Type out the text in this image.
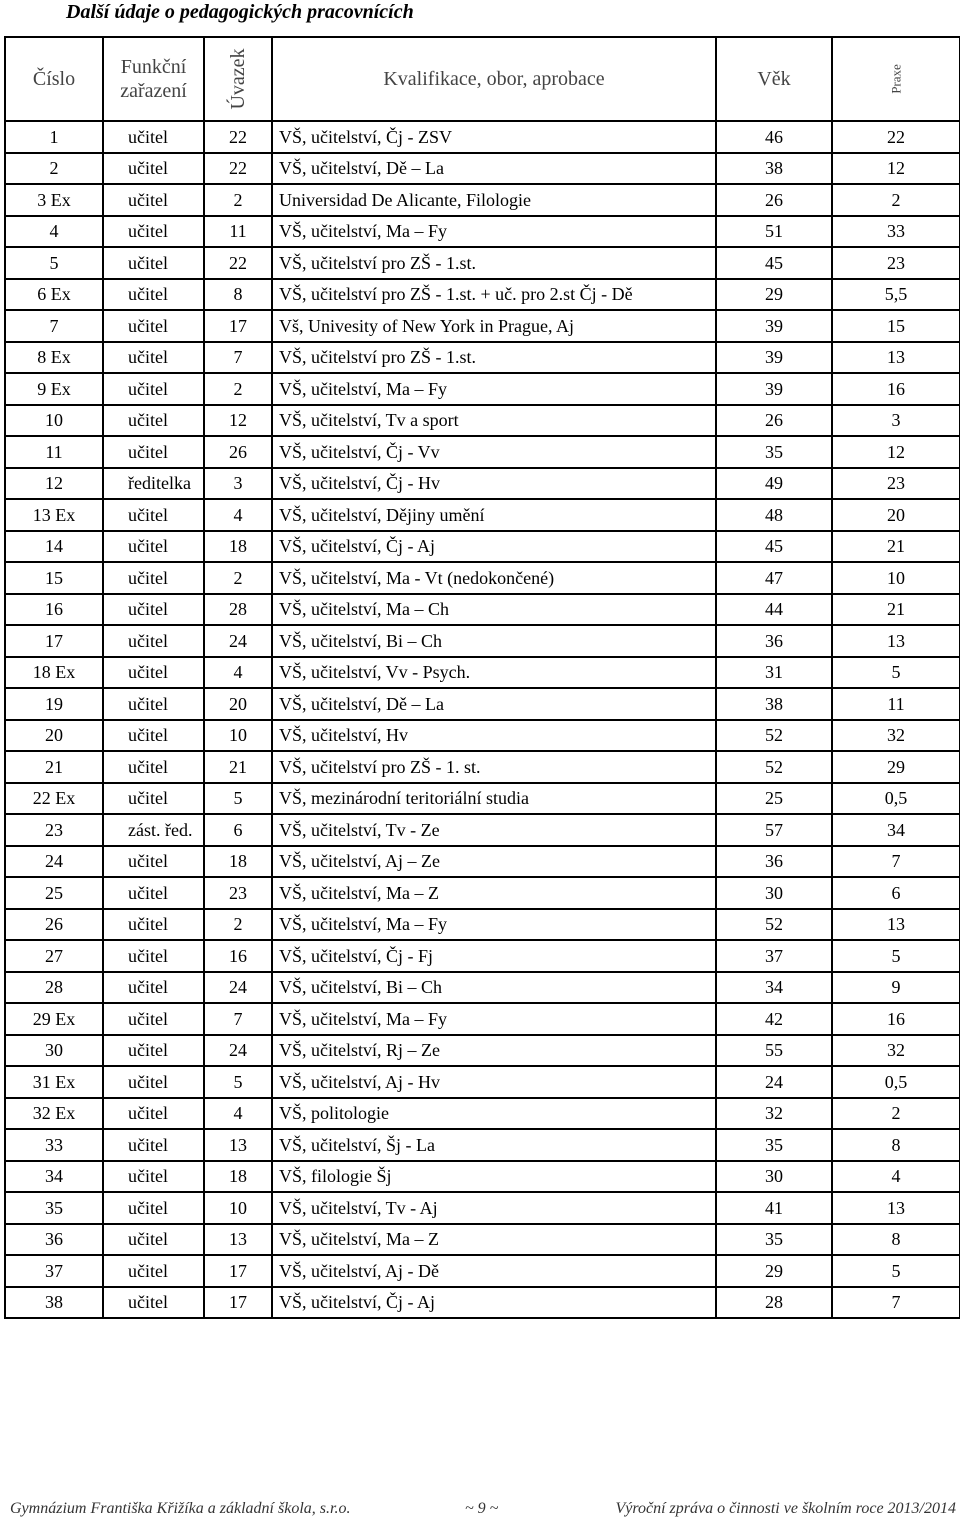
Další údaje o pedagogických pracovnících
Číslo	Funkční zařazení	Úvazek	Kvalifikace, obor, aprobace	Věk	Praxe

1	učitel	22	VŠ, učitelství, Čj - ZSV	46	22
2	učitel	22	VŠ, učitelství, Dě – La	38	12
3 Ex	učitel	2	Universidad De Alicante, Filologie	26	2
4	učitel	11	VŠ, učitelství, Ma – Fy	51	33
5	učitel	22	VŠ, učitelství pro ZŠ - 1.st.	45	23
6 Ex	učitel	8	VŠ, učitelství pro ZŠ - 1.st. + uč. pro 2.st Čj - Dě	29	5,5
7	učitel	17	Vš, Univesity of New York in Prague, Aj	39	15
8 Ex	učitel	7	VŠ, učitelství pro ZŠ - 1.st.	39	13
9 Ex	učitel	2	VŠ, učitelství, Ma – Fy	39	16
10	učitel	12	VŠ, učitelství, Tv a sport	26	3
11	učitel	26	VŠ, učitelství, Čj - Vv	35	12
12	ředitelka	3	VŠ, učitelství, Čj - Hv	49	23
13 Ex	učitel	4	VŠ, učitelství, Dějiny umění	48	20
14	učitel	18	VŠ, učitelství, Čj - Aj	45	21
15	učitel	2	VŠ, učitelství, Ma - Vt (nedokončené)	47	10
16	učitel	28	VŠ, učitelství, Ma – Ch	44	21
17	učitel	24	VŠ, učitelství, Bi – Ch	36	13
18 Ex	učitel	4	VŠ, učitelství, Vv - Psych.	31	5
19	učitel	20	VŠ, učitelství, Dě – La	38	11
20	učitel	10	VŠ, učitelství, Hv	52	32
21	učitel	21	VŠ, učitelství pro ZŠ - 1. st.	52	29
22 Ex	učitel	5	VŠ, mezinárodní teritoriální studia	25	0,5
23	zást. řed.	6	VŠ, učitelství, Tv - Ze	57	34
24	učitel	18	VŠ, učitelství, Aj – Ze	36	7
25	učitel	23	VŠ, učitelství, Ma – Z	30	6
26	učitel	2	VŠ, učitelství, Ma – Fy	52	13
27	učitel	16	VŠ, učitelství, Čj - Fj	37	5
28	učitel	24	VŠ, učitelství, Bi – Ch	34	9
29 Ex	učitel	7	VŠ, učitelství, Ma – Fy	42	16
30	učitel	24	VŠ, učitelství, Rj – Ze	55	32
31 Ex	učitel	5	VŠ, učitelství, Aj - Hv	24	0,5
32 Ex	učitel	4	VŠ, politologie	32	2
33	učitel	13	VŠ, učitelství, Šj - La	35	8
34	učitel	18	VŠ, filologie Šj	30	4
35	učitel	10	VŠ, učitelství, Tv - Aj	41	13
36	učitel	13	VŠ, učitelství, Ma – Z	35	8
37	učitel	17	VŠ, učitelství, Aj - Dě	29	5
38	učitel	17	VŠ, učitelství, Čj - Aj	28	7
Gymnázium Františka Křižíka a základní škola, s.r.o.	~ 9 ~	Výroční zpráva o činnosti ve školním roce 2013/2014
